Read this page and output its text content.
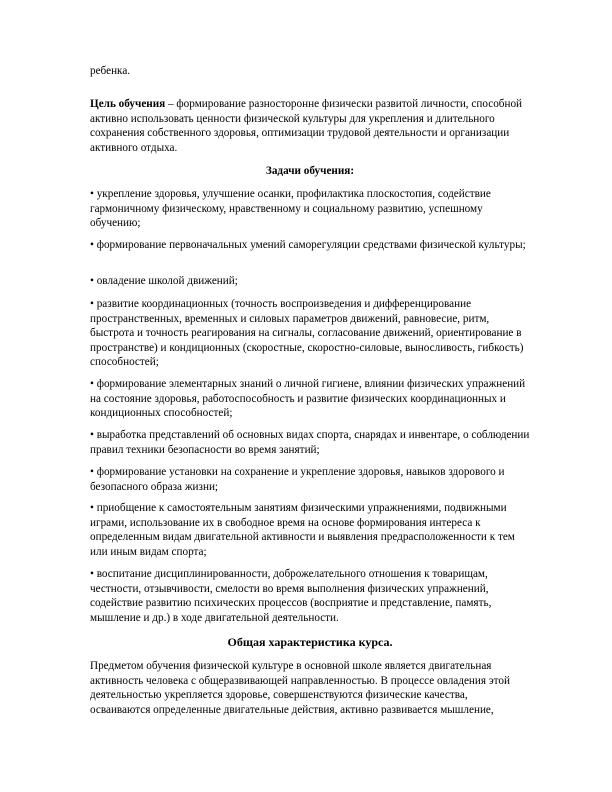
ребенка.

Цель обучения – формирование разносторонне физически развитой личности, способной активно использовать ценности физической культуры для укрепления и длительного сохранения собственного здоровья, оптимизации трудовой деятельности и организации активного отдыха.

Задачи обучения:

• укрепление здоровья, улучшение осанки, профилактика плоскостопия, содействие гармоничному физическому, нравственному и социальному развитию, успешному обучению;

• формирование первоначальных умений саморегуляции средствами физической культуры;

• овладение школой движений;

• развитие координационных (точность воспроизведения и дифференцирование пространственных, временных и силовых параметров движений, равновесие, ритм, быстрота и точность реагирования на сигналы, согласование движений, ориентирование в пространстве) и кондиционных (скоростные, скоростно-силовые, выносливость, гибкость) способностей;

• формирование элементарных знаний о личной гигиене, влиянии физических упражнений на состояние здоровья, работоспособность и развитие физических координационных и кондиционных способностей;

• выработка представлений об основных видах спорта, снарядах и инвентаре, о соблюдении правил техники безопасности во время занятий;

• формирование установки на сохранение и укрепление здоровья, навыков здорового и безопасного образа жизни;

• приобщение к самостоятельным занятиям физическими упражнениями, подвижными играми, использование их в свободное время на основе формирования интереса к определенным видам двигательной активности и выявления предрасположенности к тем или иным видам спорта;

• воспитание дисциплинированности, доброжелательного отношения к товарищам, честности, отзывчивости, смелости во время выполнения физических упражнений, содействие развитию психических процессов (восприятие и представление, память, мышление и др.) в ходе двигательной деятельности.

Общая характеристика курса.

Предметом обучения физической культуре в основной школе является двигательная активность человека с общеразвивающей направленностью. В процессе овладения этой деятельностью укрепляется здоровье, совершенствуются физические качества, осваиваются определенные двигательные действия, активно развивается мышление,
